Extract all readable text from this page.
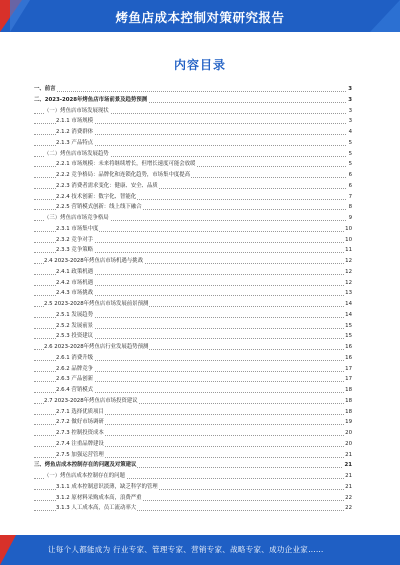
烤鱼店成本控制对策研究报告
内容目录
一、前言	3
二、2023-2028年烤鱼店市场前景及趋势预测	3
（一）烤鱼店市场发展现状	3
2.1.1 市场规模	3
2.1.2 消费群体	4
2.1.3 产品特点	5
（二）烤鱼店市场发展趋势	5
2.2.1 市场规模：未来将继续增长，但增长速度可能会放缓	5
2.2.2 竞争格局：品牌化和连锁化趋势，市场集中度提高	6
2.2.3 消费者需求变化：健康、安全、品质	6
2.2.4 技术创新：数字化、智能化	7
2.2.5 营销模式创新：线上线下融合	8
（三）烤鱼店市场竞争格局	9
2.3.1 市场集中度	10
2.3.2 竞争对手	10
2.3.3 竞争策略	11
2.4 2023-2028年烤鱼店市场机遇与挑战	12
2.4.1 政策机遇	12
2.4.2 市场机遇	12
2.4.3 市场挑战	13
2.5 2023-2028年烤鱼店市场发展前景预测	14
2.5.1 发展趋势	14
2.5.2 发展前景	15
2.5.3 投资建议	15
2.6 2023-2028年烤鱼店行业发展趋势预测	16
2.6.1 消费升级	16
2.6.2 品牌竞争	17
2.6.3 产品创新	17
2.6.4 营销模式	18
2.7 2023-2028年烤鱼店市场投资建议	18
2.7.1 选择优质项目	18
2.7.2 做好市场调研	19
2.7.3 控制投资成本	20
2.7.4 注重品牌建设	20
2.7.5 加强运营管理	21
三、烤鱼店成本控制存在的问题及对策建议	21
（一）烤鱼店成本控制存在的问题	21
3.1.1 成本控制意识淡薄，缺乏科学的管理	21
3.1.2 原材料采购成本高，浪费严重	22
3.1.3 人工成本高，员工流动率大	22
让每个人都能成为 行业专家、管理专家、营销专家、战略专家、成功企业家……
